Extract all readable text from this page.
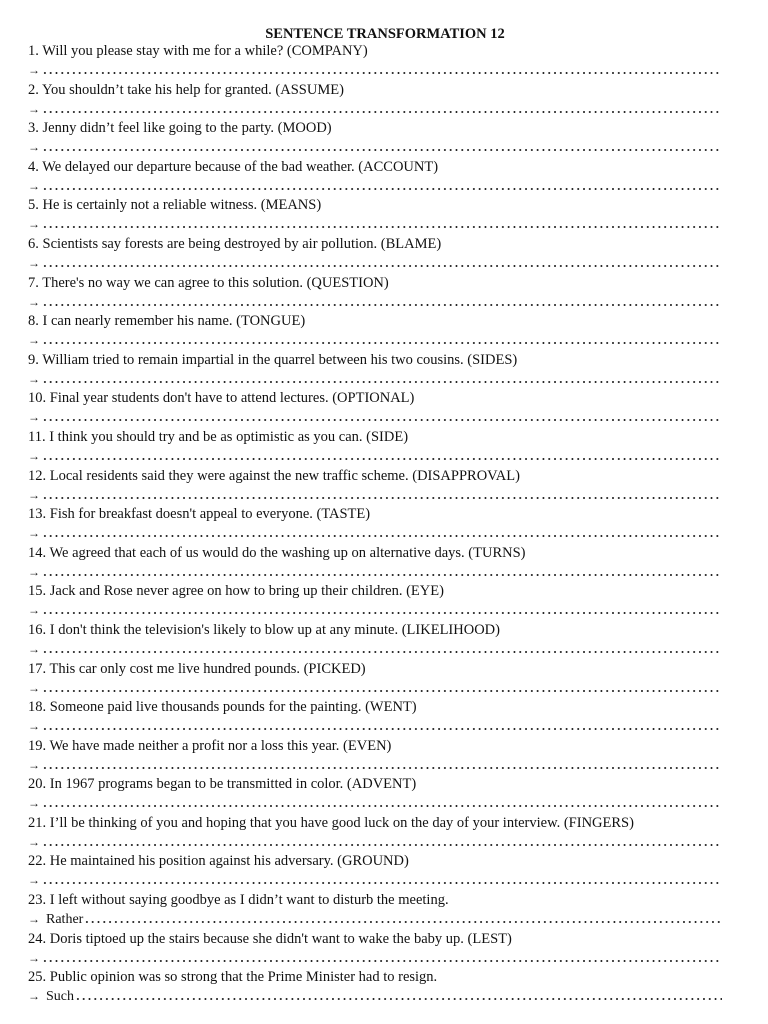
SENTENCE TRANSFORMATION 12
1. Will you please stay with me for a while? (COMPANY)
→
2. You shouldn’t take his help for granted. (ASSUME)
→
3. Jenny didn’t feel like going to the party. (MOOD)
→
4. We delayed our departure because of the bad weather. (ACCOUNT)
→
5. He is certainly not a reliable witness. (MEANS)
→
6. Scientists say forests are being destroyed by air pollution. (BLAME)
→
7. There's no way we can agree to this solution. (QUESTION)
→
8. I can nearly remember his name. (TONGUE)
→
9. William tried to remain impartial in the quarrel between his two cousins. (SIDES)
→
10. Final year students don't have to attend lectures. (OPTIONAL)
→
11. I think you should try and be as optimistic as you can. (SIDE)
→
12. Local residents said they were against the new traffic scheme. (DISAPPROVAL)
→
13. Fish for breakfast doesn't appeal to everyone. (TASTE)
→
14. We agreed that each of us would do the washing up on alternative days. (TURNS)
→
15. Jack and Rose never agree on how to bring up their children. (EYE)
→
16. I don't think the television's likely to blow up at any minute. (LIKELIHOOD)
→
17. This car only cost me live hundred pounds. (PICKED)
→
18. Someone paid live thousands pounds for the painting. (WENT)
→
19. We have made neither a profit nor a loss this year. (EVEN)
→
20. In 1967 programs began to be transmitted in color. (ADVENT)
→
21. I’ll be thinking of you and hoping that you have good luck on the day of your interview. (FINGERS)
→
22. He maintained his position against his adversary. (GROUND)
→
23. I left without saying goodbye as I didn’t want to disturb the meeting.
→ Rather
24. Doris tiptoed up the stairs because she didn't want to wake the baby up. (LEST)
→
25. Public opinion was so strong that the Prime Minister had to resign.
→ Such
